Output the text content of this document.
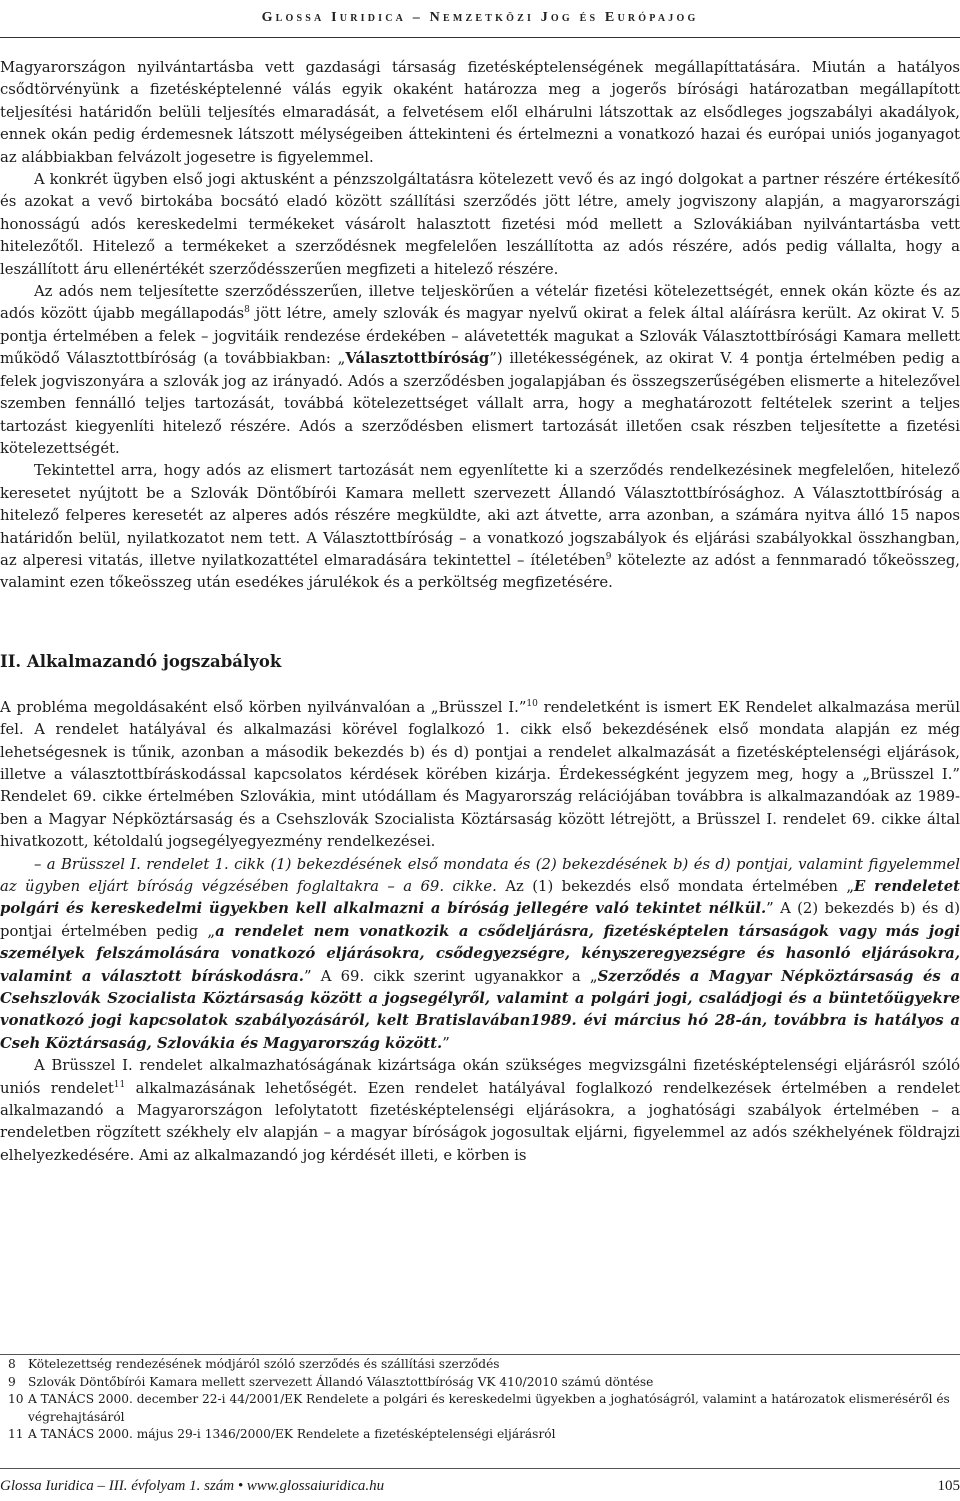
Glossa Iuridica – Nemzetközi Jog és Európajog

Magyarországon nyilvántartásba vett gazdasági társaság fizetésképtelenségének megállapíttatására. Miután a hatályos csődtörvényünk a fizetésképtelenné válás egyik okaként határozza meg a jogerős bírósági határozatban megállapított teljesítési határidőn belüli teljesítés elmaradását, a felvetésem elől elhárulni látszottak az elsődleges jogszabályi akadályok, ennek okán pedig érdemesnek látszott mélységeiben áttekinteni és értelmezni a vonatkozó hazai és európai uniós joganyagot az alábbiakban felvázolt jogesetre is figyelemmel.

A konkrét ügyben első jogi aktusként a pénzszolgáltatásra kötelezett vevő és az ingó dolgokat a partner részére értékesítő és azokat a vevő birtokába bocsátó eladó között szállítási szerződés jött létre, amely jogviszony alapján, a magyarországi honosságú adós kereskedelmi termékeket vásárolt halasztott fizetési mód mellett a Szlovákiában nyilvántartásba vett hitelezőtől. Hitelező a termékeket a szerződésnek megfelelően leszállította az adós részére, adós pedig vállalta, hogy a leszállított áru ellenértékét szerződésszerűen megfizeti a hitelező részére.

Az adós nem teljesítette szerződésszerűen, illetve teljeskörűen a vételár fizetési kötelezettségét, ennek okán közte és az adós között újabb megállapodás$^8$ jött létre, amely szlovák és magyar nyelvű okirat a felek által aláírásra került. Az okirat V. 5 pontja értelmében a felek – jogvitáik rendezése érdekében – alávetették magukat a Szlovák Választottbírósági Kamara mellett működő Választottbíróság (a továbbiakban: „Választottbíróság”) illetékességének, az okirat V. 4 pontja értelmében pedig a felek jogviszonyára a szlovák jog az irányadó. Adós a szerződésben jogalapjában és összegszerűségében elismerte a hitelezővel szemben fennálló teljes tartozását, továbbá kötelezettséget vállalt arra, hogy a meghatározott feltételek szerint a teljes tartozást kiegyenlíti hitelező részére. Adós a szerződésben elismert tartozását illetően csak részben teljesítette a fizetési kötelezettségét.

Tekintettel arra, hogy adós az elismert tartozását nem egyenlítette ki a szerződés rendelkezésinek megfelelően, hitelező keresetet nyújtott be a Szlovák Döntőbírói Kamara mellett szervezett Állandó Választottbírósághoz. A Választottbíróság a hitelező felperes keresetét az alperes adós részére megküldte, aki azt átvette, arra azonban, a számára nyitva álló 15 napos határidőn belül, nyilatkozatot nem tett. A Választottbíróság – a vonatkozó jogszabályok és eljárási szabályokkal összhangban, az alperesi vitatás, illetve nyilatkozattétel elmaradására tekintettel – ítéletében$^9$ kötelezte az adóst a fennmaradó tőkeösszeg, valamint ezen tőkeösszeg után esedékes járulékok és a perköltség megfizetésére.

II. Alkalmazandó jogszabályok

A probléma megoldásaként első körben nyilvánvalóan a „Brüsszel I.”$^{10}$ rendeletként is ismert EK Rendelet alkalmazása merül fel. A rendelet hatályával és alkalmazási körével foglalkozó 1. cikk első bekezdésének első mondata alapján ez még lehetségesnek is tűnik, azonban a második bekezdés b) és d) pontjai a rendelet alkalmazását a fizetésképtelenségi eljárások, illetve a választottbíráskodással kapcsolatos kérdések körében kizárja. Érdekességként jegyzem meg, hogy a „Brüsszel I.” Rendelet 69. cikke értelmében Szlovákia, mint utódállam és Magyarország relációjában továbbra is alkalmazandóak az 1989-ben a Magyar Népköztársaság és a Csehszlovák Szocialista Köztársaság között létrejött, a Brüsszel I. rendelet 69. cikke által hivatkozott, kétoldalú jogsegélyegyezmény rendelkezései.

– a Brüsszel I. rendelet 1. cikk (1) bekezdésének első mondata és (2) bekezdésének b) és d) pontjai, valamint figyelemmel az ügyben eljárt bíróság végzésében foglaltakra – a 69. cikke. Az (1) bekezdés első mondata értelmében „E rendeletet polgári és kereskedelmi ügyekben kell alkalmazni a bíróság jellegére való tekintet nélkül.” A (2) bekezdés b) és d) pontjai értelmében pedig „a rendelet nem vonatkozik a csődeljárásra, fizetésképtelen társaságok vagy más jogi személyek felszámolására vonatkozó eljárásokra, csődegyezségre, kényszeregyezségre és hasonló eljárásokra, valamint a választott bíráskodásra.” A 69. cikk szerint ugyanakkor a „Szerződés a Magyar Népköztársaság és a Csehszlovák Szocialista Köztársaság között a jogsegélyről, valamint a polgári jogi, családjogi és a büntetőügyekre vonatkozó jogi kapcsolatok szabályozásáról, kelt Bratislavában1989. évi március hó 28-án, továbbra is hatályos a Cseh Köztársaság, Szlovákia és Magyarország között.”

A Brüsszel I. rendelet alkalmazhatóságának kizártsága okán szükséges megvizsgálni fizetésképtelenségi eljárásról szóló uniós rendelet$^{11}$ alkalmazásának lehetőségét. Ezen rendelet hatályával foglalkozó rendelkezések értelmében a rendelet alkalmazandó a Magyarországon lefolytatott fizetésképtelenségi eljárásokra, a joghatósági szabályok értelmében – a rendeletben rögzített székhely elv alapján – a magyar bíróságok jogosultak eljárni, figyelemmel az adós székhelyének földrajzi elhelyezkedésére. Ami az alkalmazandó jog kérdését illeti, e körben is

8 Kötelezettség rendezésének módjáról szóló szerződés és szállítási szerződés
9 Szlovák Döntőbírói Kamara mellett szervezett Állandó Választottbíróság VK 410/2010 számú döntése
10 A TANÁCS 2000. december 22-i 44/2001/EK Rendelete a polgári és kereskedelmi ügyekben a joghatóságról, valamint a határozatok elismeréséről és végrehajtásáról
11 A TANÁCS 2000. május 29-i 1346/2000/EK Rendelete a fizetésképtelenségi eljárásról
Glossa Iuridica – III. évfolyam 1. szám • www.glossaiuridica.hu	105
